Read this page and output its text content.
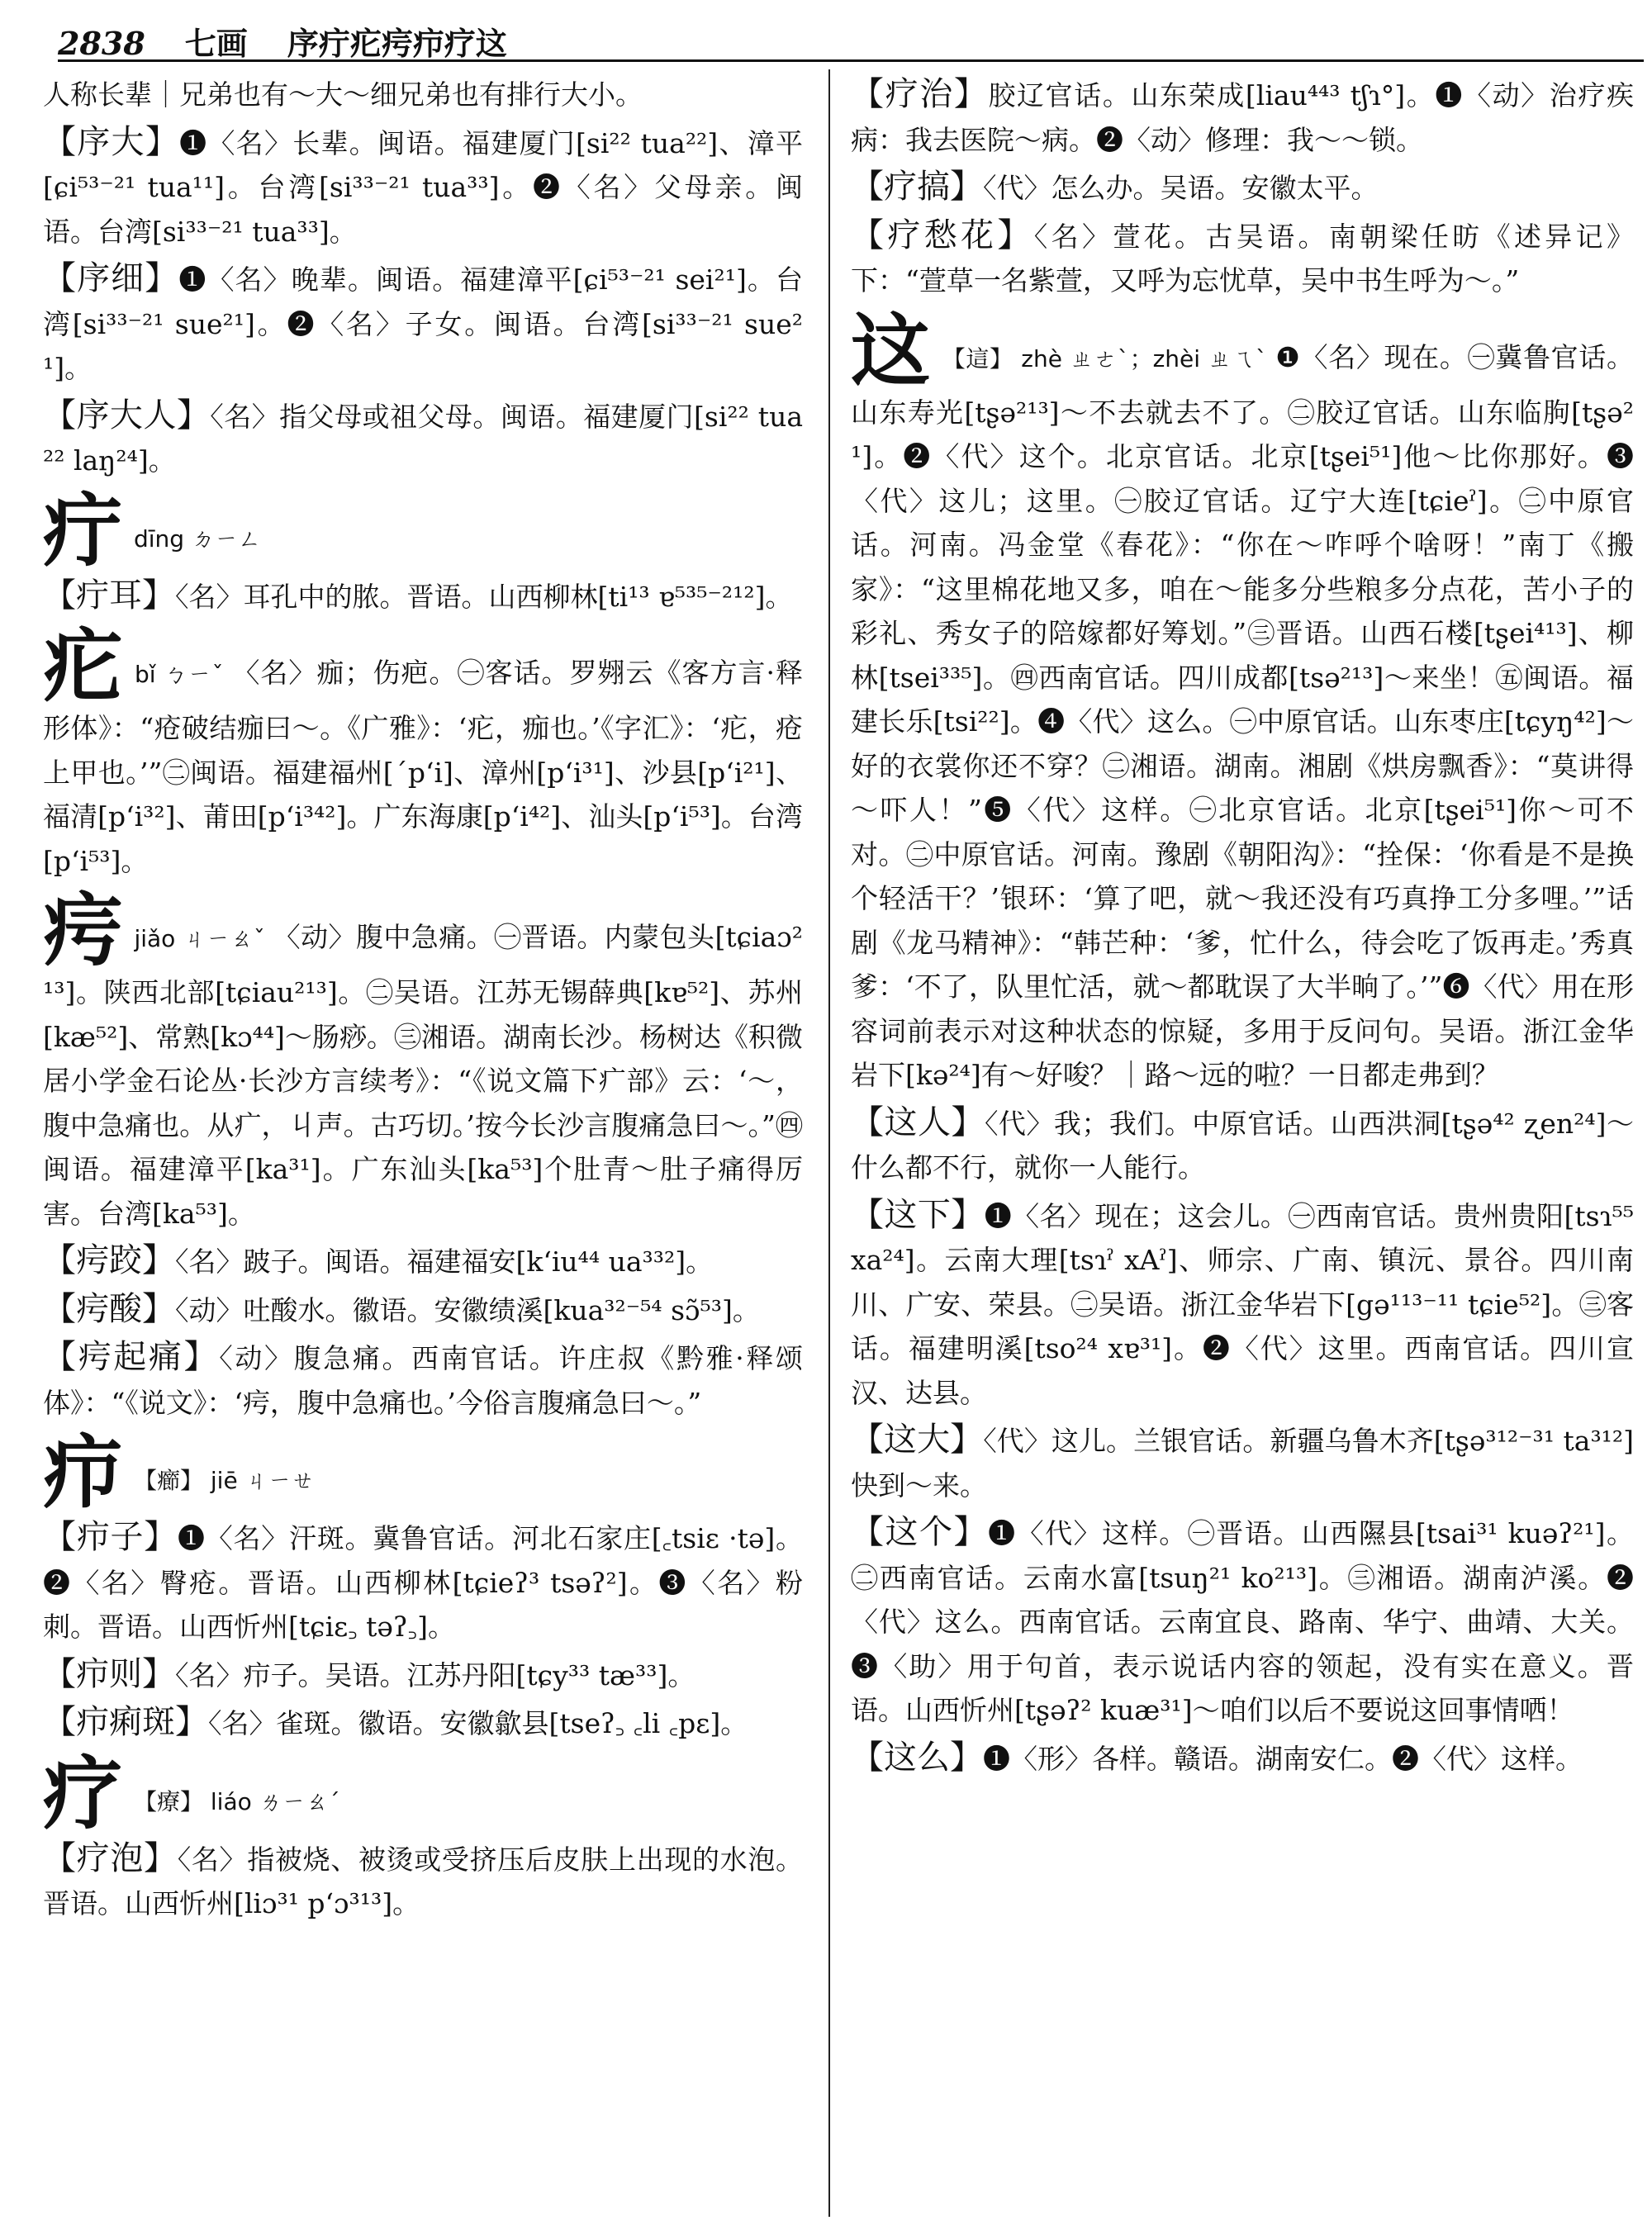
2838 七画 序疔疕疞疖疗这
人称长辈｜兄弟也有～大～细兄弟也有排行大小。
【序大】❶〈名〉长辈。闽语。福建厦门[si²² tua²²]、漳平[ɕi⁵³⁻²¹ tua¹¹]。台湾[si³³⁻²¹ tua³³]。❷〈名〉父母亲。闽语。台湾[si³³⁻²¹ tua³³]。
【序细】❶〈名〉晚辈。闽语。福建漳平[ɕi⁵³⁻²¹ sei²¹]。台湾[si³³⁻²¹ sue²¹]。❷〈名〉子女。闽语。台湾[si³³⁻²¹ sue²¹]。
【序大人】〈名〉指父母或祖父母。闽语。福建厦门[si²² tua²² laŋ²⁴]。
疔dīng ㄉㄧㄥ
【疔耳】〈名〉耳孔中的脓。晋语。山西柳林[ti¹³ ɐ⁵³⁵⁻²¹²]。
疕bǐ ㄅㄧˇ 〈名〉痂；伤疤。㊀客话。罗翙云《客方言·释形体》：“疮破结痂曰～。《广雅》：‘疕，痂也。’《字汇》：‘疕，疮上甲也。’”㊁闽语。福建福州[ˊpʻi]、漳州[pʻi³¹]、沙县[pʻi²¹]、福清[pʻi³²]、莆田[pʻi³⁴²]。广东海康[pʻi⁴²]、汕头[pʻi⁵³]。台湾[pʻi⁵³]。
疞jiǎo ㄐㄧㄠˇ 〈动〉腹中急痛。㊀晋语。内蒙包头[tɕiaɔ²¹³]。陕西北部[tɕiau²¹³]。㊁吴语。江苏无锡薛典[kɐ⁵²]、苏州[kæ⁵²]、常熟[kɔ⁴⁴]～肠痧。㊂湘语。湖南长沙。杨树达《积微居小学金石论丛·长沙方言续考》：“《说文篇下疒部》云：‘～，腹中急痛也。从疒，丩声。古巧切。’按今长沙言腹痛急曰～。”㊃闽语。福建漳平[ka³¹]。广东汕头[ka⁵³]个肚青～肚子痛得厉害。台湾[ka⁵³]。
【疞跤】〈名〉跛子。闽语。福建福安[kʻiu⁴⁴ ua³³²]。
【疞酸】〈动〉吐酸水。徽语。安徽绩溪[kua³²⁻⁵⁴ sɔ̃⁵³]。
【疞起痛】〈动〉腹急痛。西南官话。许庄叔《黔雅·释颂体》：“《说文》：‘疞，腹中急痛也。’今俗言腹痛急曰～。”
疖 【癤】 jiē ㄐㄧㄝ
【疖子】❶〈名〉汗斑。冀鲁官话。河北石家庄[꜀tsiɛ ·tə]。❷〈名〉臀疮。晋语。山西柳林[tɕieʔ³ tsəʔ²]。❸〈名〉粉刺。晋语。山西忻州[tɕiɛ꜆ təʔ꜆]。
【疖则】〈名〉疖子。吴语。江苏丹阳[tɕy³³ tæ³³]。
【疖痢斑】〈名〉雀斑。徽语。安徽歙县[tseʔ꜆ ꜀li ꜀pɛ]。
疗 【療】 liáo ㄌㄧㄠˊ
【疗泡】〈名〉指被烧、被烫或受挤压后皮肤上出现的水泡。晋语。山西忻州[liɔ³¹ pʻɔ³¹³]。
【疗治】胶辽官话。山东荣成[liau⁴⁴³ tʃɿ°]。❶〈动〉治疗疾病：我去医院～病。❷〈动〉修理：我～～锁。
【疗搞】〈代〉怎么办。吴语。安徽太平。
【疗愁花】〈名〉萱花。古吴语。南朝梁任昉《述异记》下：“萱草一名紫萱，又呼为忘忧草，吴中书生呼为～。”
这 【這】 zhè ㄓㄜˋ；zhèi ㄓㄟˋ ❶〈名〉现在。㊀冀鲁官话。山东寿光[tʂə²¹³]～不去就去不了。㊁胶辽官话。山东临朐[tʂə²¹]。❷〈代〉这个。北京官话。北京[tʂei⁵¹]他～比你那好。❸〈代〉这儿；这里。㊀胶辽官话。辽宁大连[tɕieˀ]。㊁中原官话。河南。冯金堂《春花》：“你在～咋呼个啥呀！”南丁《搬家》：“这里棉花地又多，咱在～能多分些粮多分点花，苦小子的彩礼、秀女子的陪嫁都好筹划。”㊂晋语。山西石楼[tʂei⁴¹³]、柳林[tsei³³⁵]。㊃西南官话。四川成都[tsə²¹³]～来坐！㊄闽语。福建长乐[tsi²²]。❹〈代〉这么。㊀中原官话。山东枣庄[tɕyŋ⁴²]～好的衣裳你还不穿？㊁湘语。湖南。湘剧《烘房飘香》：“莫讲得～吓人！”❺〈代〉这样。㊀北京官话。北京[tʂei⁵¹]你～可不对。㊁中原官话。河南。豫剧《朝阳沟》：“拴保：‘你看是不是换个轻活干？’银环：‘算了吧，就～我还没有巧真挣工分多哩。’”话剧《龙马精神》：“韩芒种：‘爹，忙什么，待会吃了饭再走。’秀真爹：‘不了，队里忙活，就～都耽误了大半晌了。’”❻〈代〉用在形容词前表示对这种状态的惊疑，多用于反问句。吴语。浙江金华岩下[kə²⁴]有～好唆？｜路～远的啦？一日都走弗到？
【这人】〈代〉我；我们。中原官话。山西洪洞[tʂə⁴² ʐen²⁴]～什么都不行，就你一人能行。
【这下】❶〈名〉现在；这会儿。㊀西南官话。贵州贵阳[tsɿ⁵⁵ xa²⁴]。云南大理[tsɿˀ xAˀ]、师宗、广南、镇沅、景谷。四川南川、广安、荣县。㊁吴语。浙江金华岩下[gə¹¹³⁻¹¹ tɕie⁵²]。㊂客话。福建明溪[tso²⁴ xɐ³¹]。❷〈代〉这里。西南官话。四川宣汉、达县。
【这大】〈代〉这儿。兰银官话。新疆乌鲁木齐[tʂə³¹²⁻³¹ ta³¹²]快到～来。
【这个】❶〈代〉这样。㊀晋语。山西隰县[tsai³¹ kuəʔ²¹]。㊁西南官话。云南水富[tsuŋ²¹ ko²¹³]。㊂湘语。湖南泸溪。❷〈代〉这么。西南官话。云南宜良、路南、华宁、曲靖、大关。❸〈助〉用于句首，表示说话内容的领起，没有实在意义。晋语。山西忻州[tʂəʔ² kuæ³¹]～咱们以后不要说这回事情哂！
【这么】❶〈形〉各样。赣语。湖南安仁。❷〈代〉这样。
